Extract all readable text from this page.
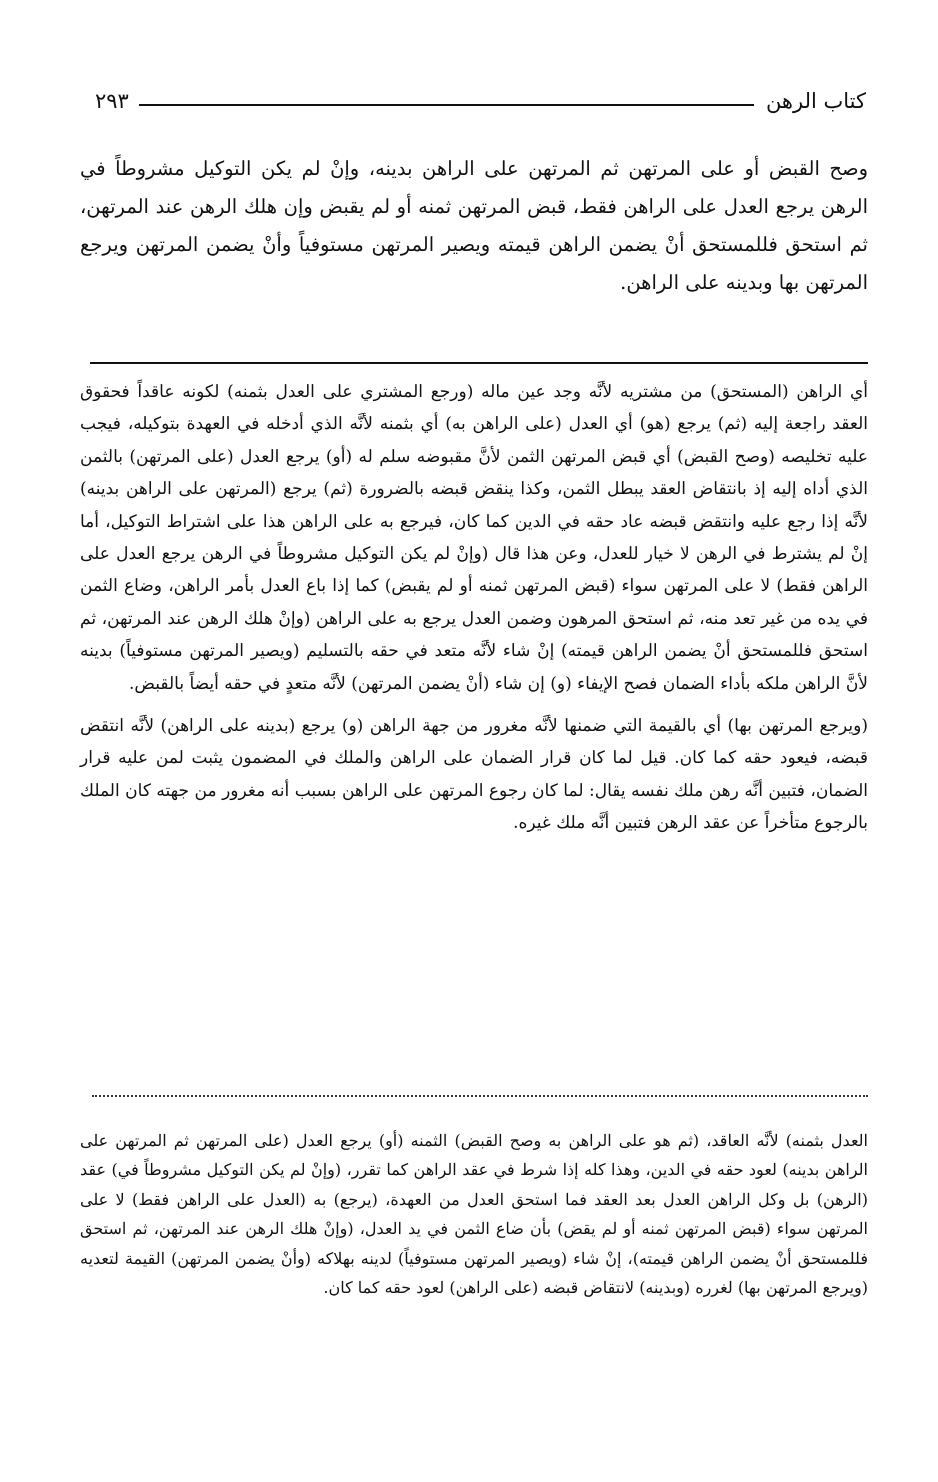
كتاب الرهن
٢٩٣
وصح القبض أو على المرتهن ثم المرتهن على الراهن بدينه، وإنْ لم يكن التوكيل مشروطاً في الرهن يرجع العدل على الراهن فقط، قبض المرتهن ثمنه أو لم يقبض وإن هلك الرهن عند المرتهن، ثم استحق فللمستحق أنْ يضمن الراهن قيمته ويصير المرتهن مستوفياً وأنْ يضمن المرتهن ويرجع المرتهن بها وبدينه على الراهن.

أي الراهن (المستحق) من مشتريه لأنَّه وجد عين ماله (ورجع المشتري على العدل بثمنه) لكونه عاقداً فحقوق العقد راجعة إليه (ثم) يرجع (هو) أي العدل (على الراهن به) أي بثمنه لأنَّه الذي أدخله في العهدة بتوكيله، فيجب عليه تخليصه (وصح القبض) أي قبض المرتهن الثمن لأنَّ مقبوضه سلم له (أو) يرجع العدل (على المرتهن) بالثمن الذي أداه إليه إذ بانتقاض العقد يبطل الثمن، وكذا ينقض قبضه بالضرورة (ثم) يرجع (المرتهن على الراهن بدينه) لأنَّه إذا رجع عليه وانتقض قبضه عاد حقه في الدين كما كان، فيرجع به على الراهن هذا على اشتراط التوكيل، أما إنْ لم يشترط في الرهن لا خيار للعدل، وعن هذا قال (وإنْ لم يكن التوكيل مشروطاً في الرهن يرجع العدل على الراهن فقط) لا على المرتهن سواء (قبض المرتهن ثمنه أو لم يقبض) كما إذا باع العدل بأمر الراهن، وضاع الثمن في يده من غير تعد منه، ثم استحق المرهون وضمن العدل يرجع به على الراهن (وإنْ هلك الرهن عند المرتهن، ثم استحق فللمستحق أنْ يضمن الراهن قيمته) إنْ شاء لأنَّه متعد في حقه بالتسليم (ويصير المرتهن مستوفياً) بدينه لأنَّ الراهن ملكه بأداء الضمان فصح الإيفاء (و) إن شاء (أنْ يضمن المرتهن) لأنَّه متعدٍ في حقه أيضاً بالقبض.

(ويرجع المرتهن بها) أي بالقيمة التي ضمنها لأنَّه مغرور من جهة الراهن (و) يرجع (بدينه على الراهن) لأنَّه انتقض قبضه، فيعود حقه كما كان. قيل لما كان قرار الضمان على الراهن والملك في المضمون يثبت لمن عليه قرار الضمان، فتبين أنَّه رهن ملك نفسه يقال: لما كان رجوع المرتهن على الراهن بسبب أنه مغرور من جهته كان الملك بالرجوع متأخراً عن عقد الرهن فتبين أنَّه ملك غيره.

العدل بثمنه) لأنَّه العاقد، (ثم هو على الراهن به وصح القبض) الثمنه (أو) يرجع العدل (على المرتهن ثم المرتهن على الراهن بدينه) لعود حقه في الدين، وهذا كله إذا شرط في عقد الراهن كما تقرر، (وإنْ لم يكن التوكيل مشروطاً في) عقد (الرهن) بل وكل الراهن العدل بعد العقد فما استحق العدل من العهدة، (يرجع) به (العدل على الراهن فقط) لا على المرتهن سواء (قبض المرتهن ثمنه أو لم يقض) بأن ضاع الثمن في يد العدل، (وإنْ هلك الرهن عند المرتهن، ثم استحق فللمستحق أنْ يضمن الراهن قيمته)، إنْ شاء (ويصير المرتهن مستوفياً) لدينه بهلاكه (وأنْ يضمن المرتهن) القيمة لتعديه (ويرجع المرتهن بها) لغرره (وبدينه) لانتقاض قبضه (على الراهن) لعود حقه كما كان.
